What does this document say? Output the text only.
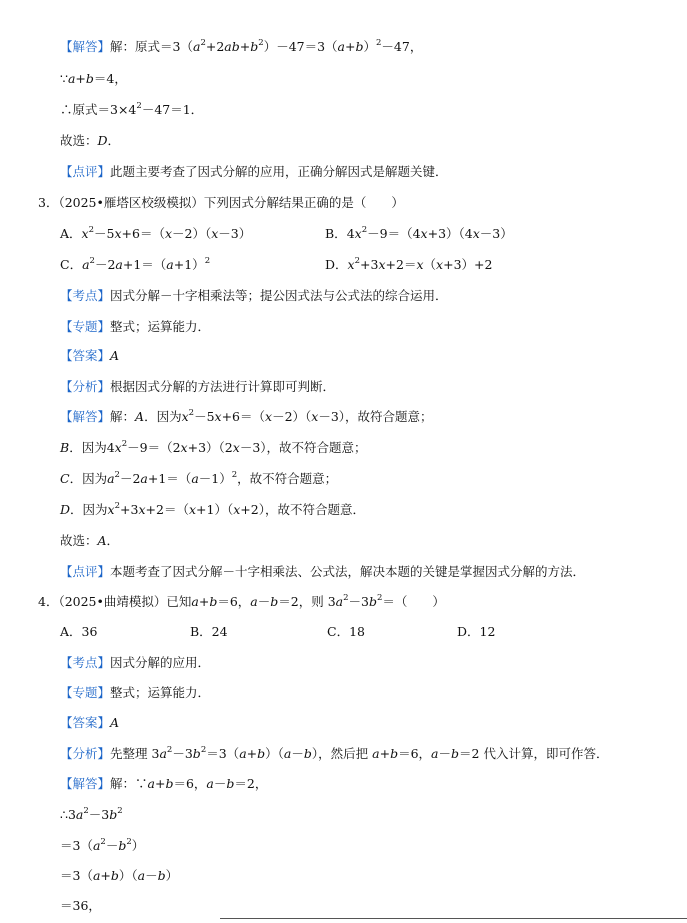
【解答】解：原式$=3(a^2+2ab+b^2)-47=3(a+b)^2-47$，
∵a+b＝4，
∴原式$=3\times 4^2-47=1$．
故选：D．
【点评】此题主要考查了因式分解的应用，正确分解因式是解题关键．
3．（2025•雁塔区校级模拟）下列因式分解结果正确的是（　　）
A．$x^2-5x+6=(x-2)(x-3)$	B．$4x^2-9=(4x+3)(4x-3)$
C．$a^2-2a+1=(a+1)^2$	D．$x^2+3x+2=x(x+3)+2$
【考点】因式分解－十字相乘法等；提公因式法与公式法的综合运用．
【专题】整式；运算能力．
【答案】A
【分析】根据因式分解的方法进行计算即可判断．
【解答】解：A．因为$x^2-5x+6=(x-2)(x-3)$，故符合题意；
B．因为$4x^2-9=(2x+3)(2x-3)$，故不符合题意；
C．因为$a^2-2a+1=(a-1)^2$，故不符合题意；
D．因为$x^2+3x+2=(x+1)(x+2)$，故不符合题意．
故选：A．
【点评】本题考查了因式分解－十字相乘法、公式法，解决本题的关键是掌握因式分解的方法．
4．（2025•曲靖模拟）已知a+b＝6，a－b＝2，则 $3a^2-3b^2=$（　　）
A．36	B．24	C．18	D．12
【考点】因式分解的应用．
【专题】整式；运算能力．
【答案】A
【分析】先整理 $3a^2-3b^2=3(a+b)(a-b)$，然后把 a+b＝6，a－b＝2 代入计算，即可作答．
【解答】解：∵a+b＝6，a－b＝2，
$\therefore 3a^2-3b^2$
$=3(a^2-b^2)$
＝3（a+b）（a－b）
＝36，
